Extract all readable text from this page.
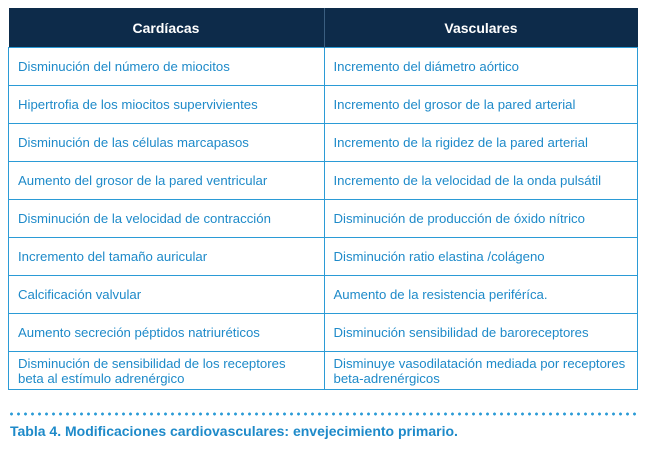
Cardíacas	Vasculares
Disminución del número de miocitos	Incremento del diámetro aórtico
Hipertrofia de los miocitos supervivientes	Incremento del grosor de la pared arterial
Disminución de las células marcapasos	Incremento de la rigidez de la pared arterial
Aumento del grosor de la pared ventricular	Incremento de la velocidad de la onda pulsátil
Disminución de la velocidad de contracción	Disminución de producción de óxido nítrico
Incremento del tamaño auricular	Disminución ratio elastina /colágeno
Calcificación valvular	Aumento de la resistencia periféríca.
Aumento secreción péptidos natriuréticos	Disminución sensibilidad de baroreceptores
Disminución de sensibilidad de los receptores beta al estímulo adrenérgico	Disminuye vasodilatación mediada por receptores beta-adrenérgicos
Tabla 4. Modificaciones cardiovasculares: envejecimiento primario.
